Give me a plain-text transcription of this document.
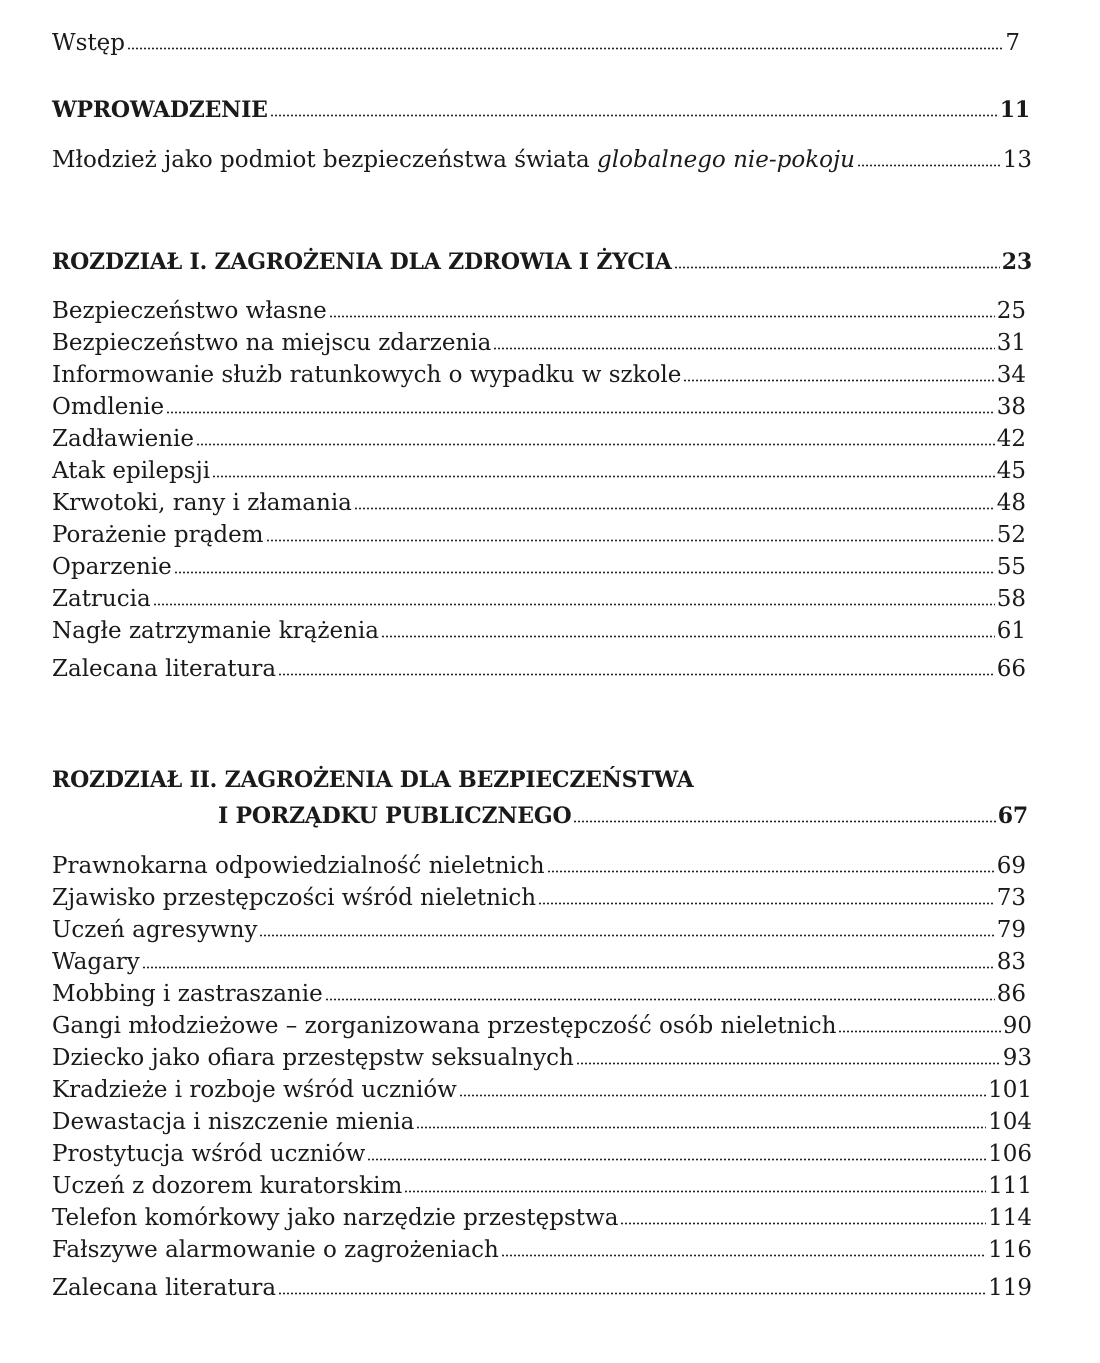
Wstęp	7
WPROWADZENIE	11
Młodzież jako podmiot bezpieczeństwa świata globalnego nie-pokoju	13
ROZDZIAŁ I. ZAGROŻENIA DLA ZDROWIA I ŻYCIA	23
Bezpieczeństwo własne	25
Bezpieczeństwo na miejscu zdarzenia	31
Informowanie służb ratunkowych o wypadku w szkole	34
Omdlenie	38
Zadławienie	42
Atak epilepsji	45
Krwotoki, rany i złamania	48
Porażenie prądem	52
Oparzenie	55
Zatrucia	58
Nagłe zatrzymanie krążenia	61
Zalecana literatura	66
ROZDZIAŁ II. ZAGROŻENIA DLA BEZPIECZEŃSTWA
I PORZĄDKU PUBLICZNEGO	67
Prawnokarna odpowiedzialność nieletnich	69
Zjawisko przestępczości wśród nieletnich	73
Uczeń agresywny	79
Wagary	83
Mobbing i zastraszanie	86
Gangi młodzieżowe – zorganizowana przestępczość osób nieletnich	90
Dziecko jako ofiara przestępstw seksualnych	93
Kradzieże i rozboje wśród uczniów	101
Dewastacja i niszczenie mienia	104
Prostytucja wśród uczniów	106
Uczeń z dozorem kuratorskim	111
Telefon komórkowy jako narzędzie przestępstwa	114
Fałszywe alarmowanie o zagrożeniach	116
Zalecana literatura	119
